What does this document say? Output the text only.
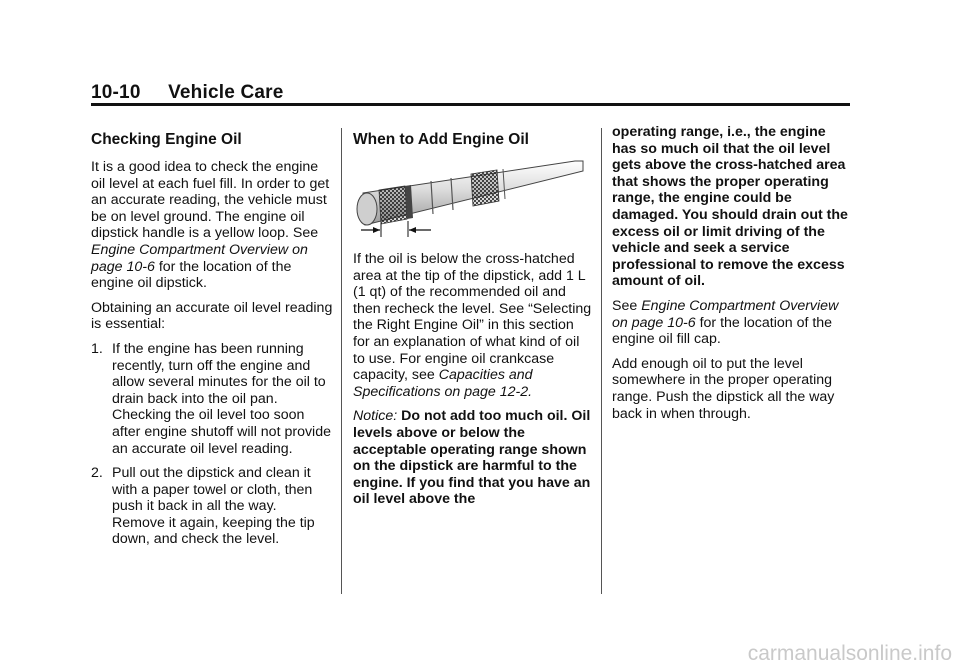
10-10 Vehicle Care
Checking Engine Oil

It is a good idea to check the engine oil level at each fuel fill. In order to get an accurate reading, the vehicle must be on level ground. The engine oil dipstick handle is a yellow loop. See Engine Compartment Overview on page 10-6 for the location of the engine oil dipstick.

Obtaining an accurate oil level reading is essential:

1. If the engine has been running recently, turn off the engine and allow several minutes for the oil to drain back into the oil pan. Checking the oil level too soon after engine shutoff will not provide an accurate oil level reading.
2. Pull out the dipstick and clean it with a paper towel or cloth, then push it back in all the way. Remove it again, keeping the tip down, and check the level.
When to Add Engine Oil

If the oil is below the cross-hatched area at the tip of the dipstick, add 1 L (1 qt) of the recommended oil and then recheck the level. See “Selecting the Right Engine Oil” in this section for an explanation of what kind of oil to use. For engine oil crankcase capacity, see Capacities and Specifications on page 12-2.

Notice: Do not add too much oil. Oil levels above or below the acceptable operating range shown on the dipstick are harmful to the engine. If you find that you have an oil level above the

operating range, i.e., the engine has so much oil that the oil level gets above the cross-hatched area that shows the proper operating range, the engine could be damaged. You should drain out the excess oil or limit driving of the vehicle and seek a service professional to remove the excess amount of oil.

See Engine Compartment Overview on page 10-6 for the location of the engine oil fill cap.

Add enough oil to put the level somewhere in the proper operating range. Push the dipstick all the way back in when through.

carmanualsonline.info
